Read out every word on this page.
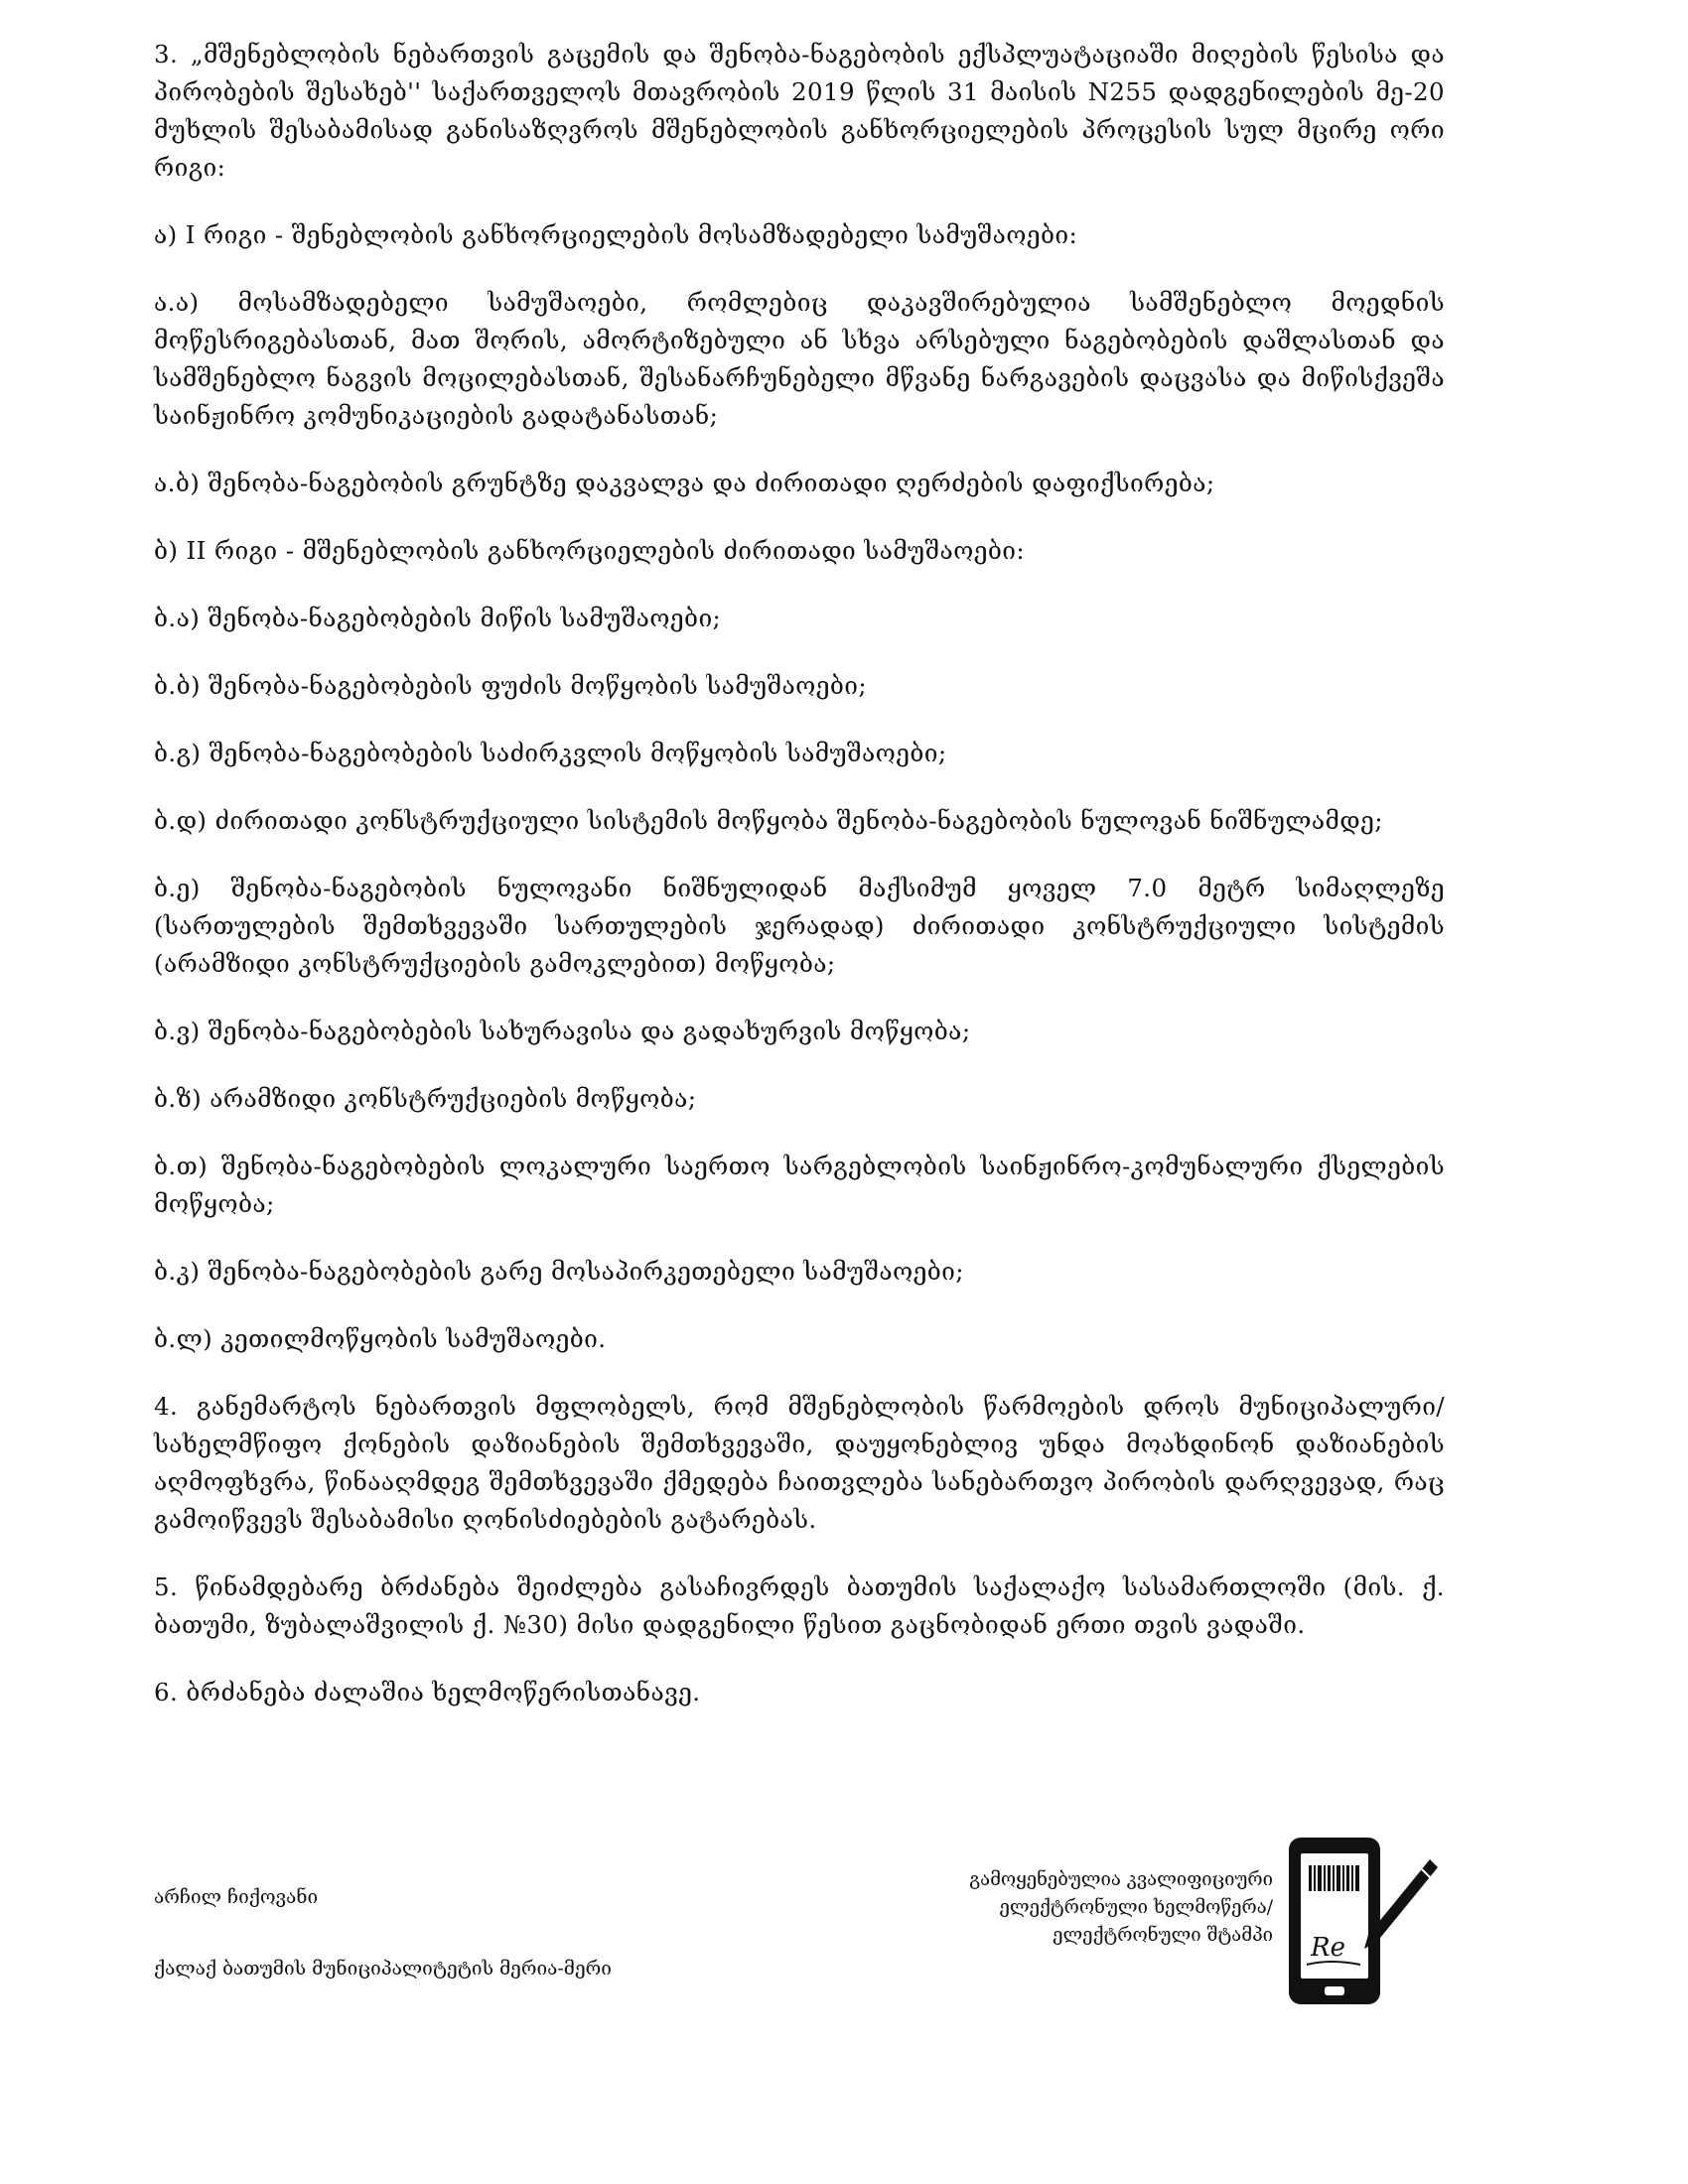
3. „მშენებლობის ნებართვის გაცემის და შენობა-ნაგებობის ექსპლუატაციაში მიღების წესისა და პირობების შესახებ'' საქართველოს მთავრობის 2019 წლის 31 მაისის N255 დადგენილების მე-20 მუხლის შესაბამისად განისაზღვროს მშენებლობის განხორციელების პროცესის სულ მცირე ორი რიგი:

ა) I რიგი - შენებლობის განხორციელების მოსამზადებელი სამუშაოები:

ა.ა) მოსამზადებელი სამუშაოები, რომლებიც დაკავშირებულია სამშენებლო მოედნის მოწესრიგებასთან, მათ შორის, ამორტიზებული ან სხვა არსებული ნაგებობების დაშლასთან და სამშენებლო ნაგვის მოცილებასთან, შესანარჩუნებელი მწვანე ნარგავების დაცვასა და მიწისქვეშა საინჟინრო კომუნიკაციების გადატანასთან;

ა.ბ) შენობა-ნაგებობის გრუნტზე დაკვალვა და ძირითადი ღერძების დაფიქსირება;

ბ) II რიგი - მშენებლობის განხორციელების ძირითადი სამუშაოები:

ბ.ა) შენობა-ნაგებობების მიწის სამუშაოები;

ბ.ბ) შენობა-ნაგებობების ფუძის მოწყობის სამუშაოები;

ბ.გ) შენობა-ნაგებობების საძირკვლის მოწყობის სამუშაოები;

ბ.დ) ძირითადი კონსტრუქციული სისტემის მოწყობა შენობა-ნაგებობის ნულოვან ნიშნულამდე;

ბ.ე) შენობა-ნაგებობის ნულოვანი ნიშნულიდან მაქსიმუმ ყოველ 7.0 მეტრ სიმაღლეზე (სართულების შემთხვევაში სართულების ჯერადად) ძირითადი კონსტრუქციული სისტემის (არამზიდი კონსტრუქციების გამოკლებით) მოწყობა;

ბ.ვ) შენობა-ნაგებობების სახურავისა და გადახურვის მოწყობა;

ბ.ზ) არამზიდი კონსტრუქციების მოწყობა;

ბ.თ) შენობა-ნაგებობების ლოკალური საერთო სარგებლობის საინჟინრო-კომუნალური ქსელების მოწყობა;

ბ.კ) შენობა-ნაგებობების გარე მოსაპირკეთებელი სამუშაოები;

ბ.ლ) კეთილმოწყობის სამუშაოები.

4. განემარტოს ნებართვის მფლობელს, რომ მშენებლობის წარმოების დროს მუნიციპალური/სახელმწიფო ქონების დაზიანების შემთხვევაში, დაუყონებლივ უნდა მოახდინონ დაზიანების აღმოფხვრა, წინააღმდეგ შემთხვევაში ქმედება ჩაითვლება სანებართვო პირობის დარღვევად, რაც გამოიწვევს შესაბამისი ღონისძიებების გატარებას.

5. წინამდებარე ბრძანება შეიძლება გასაჩივრდეს ბათუმის საქალაქო სასამართლოში (მის. ქ. ბათუმი, ზუბალაშვილის ქ. №30) მისი დადგენილი წესით გაცნობიდან ერთი თვის ვადაში.

6. ბრძანება ძალაშია ხელმოწერისთანავე.

არჩილ ჩიქოვანი
ქალაქ ბათუმის მუნიციპალიტეტის მერია-მერი
გამოყენებულია კვალიფიციური
ელექტრონული ხელმოწერა/
ელექტრონული შტამპი Re
